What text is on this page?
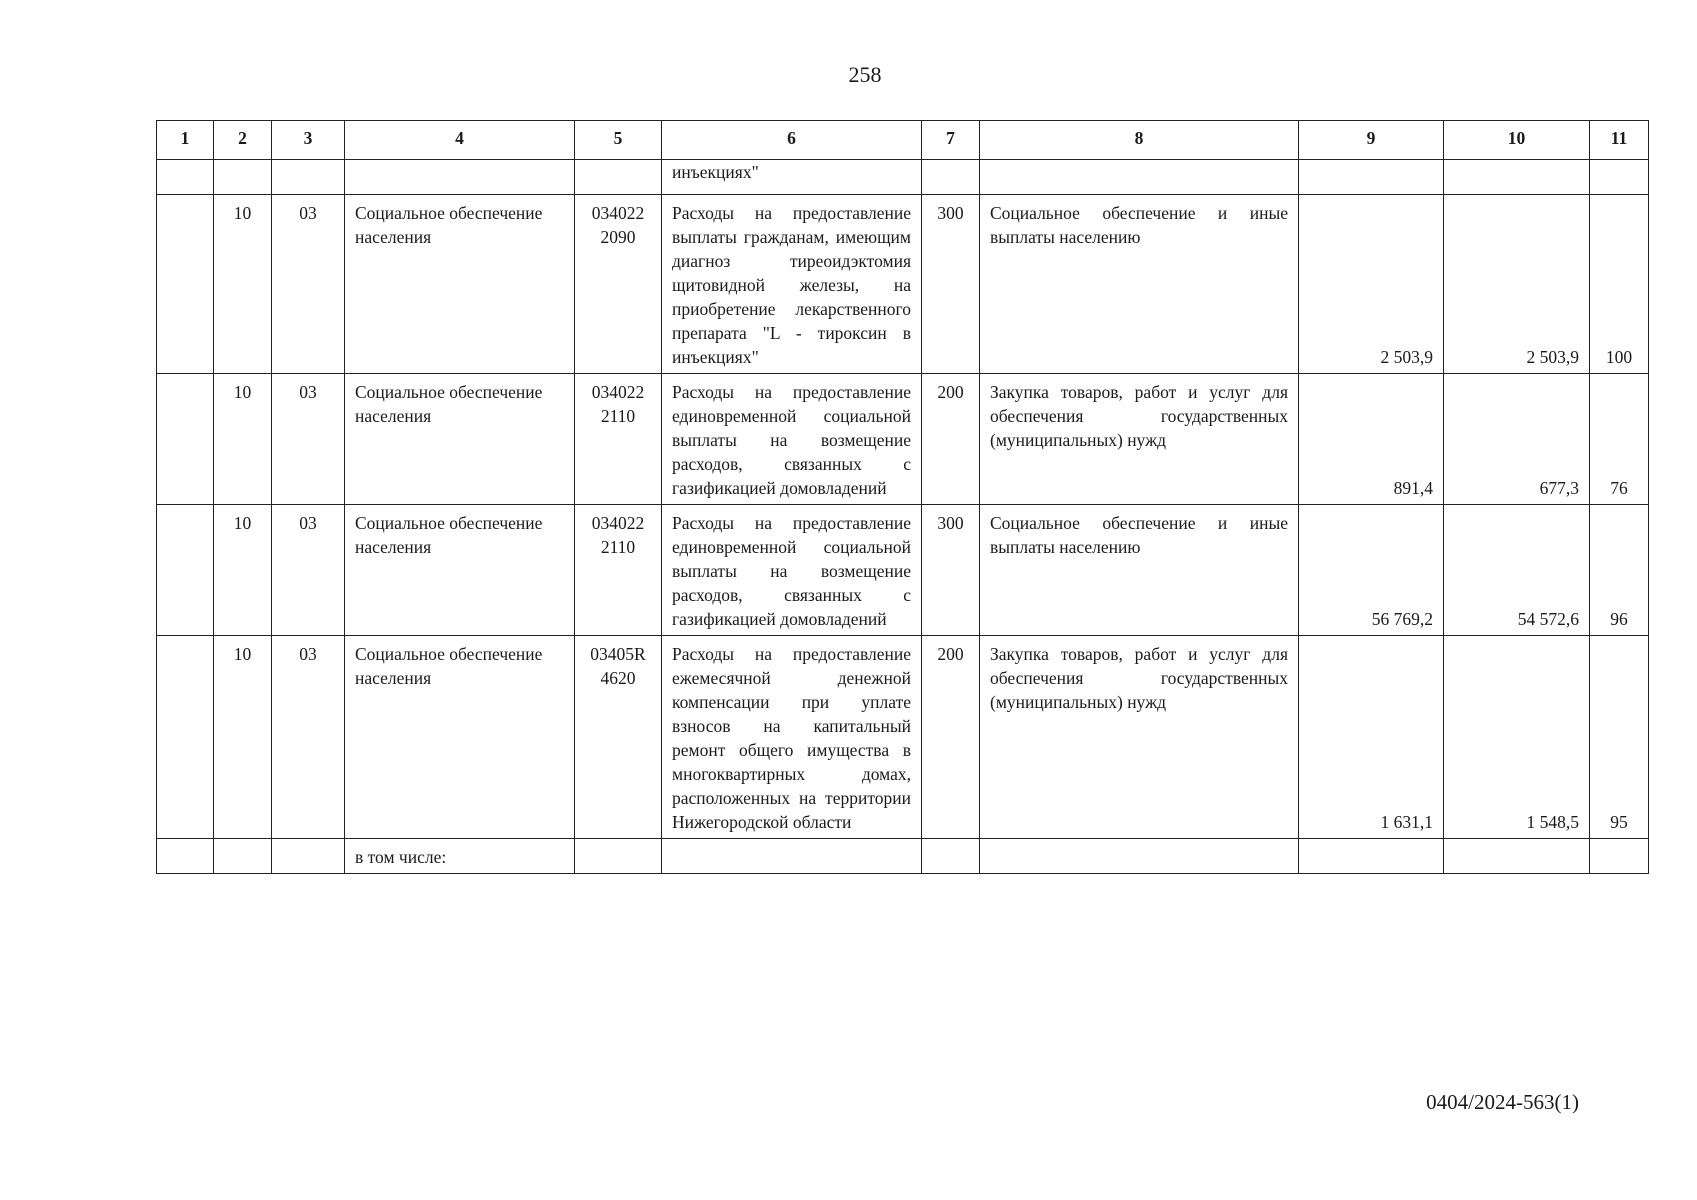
258
1	2	3	4	5	6	7	8	9	10	11
					инъекциях"					
	10	03	Социальное обеспечение населения	034022 2090	Расходы на предоставление выплаты гражданам, имеющим диагноз тиреоидэктомия щитовидной железы, на приобретение лекарственного препарата "L - тироксин в инъекциях"	300	Социальное обеспечение и иные выплаты населению	2 503,9	2 503,9	100
	10	03	Социальное обеспечение населения	034022 2110	Расходы на предоставление единовременной социальной выплаты на возмещение расходов, связанных с газификацией домовладений	200	Закупка товаров, работ и услуг для обеспечения государственных (муниципальных) нужд	891,4	677,3	76
	10	03	Социальное обеспечение населения	034022 2110	Расходы на предоставление единовременной социальной выплаты на возмещение расходов, связанных с газификацией домовладений	300	Социальное обеспечение и иные выплаты населению	56 769,2	54 572,6	96
	10	03	Социальное обеспечение населения	03405R 4620	Расходы на предоставление ежемесячной денежной компенсации при уплате взносов на капитальный ремонт общего имущества в многоквартирных домах, расположенных на территории Нижегородской области	200	Закупка товаров, работ и услуг для обеспечения государственных (муниципальных) нужд	1 631,1	1 548,5	95
			в том числе:							
0404/2024-563(1)
